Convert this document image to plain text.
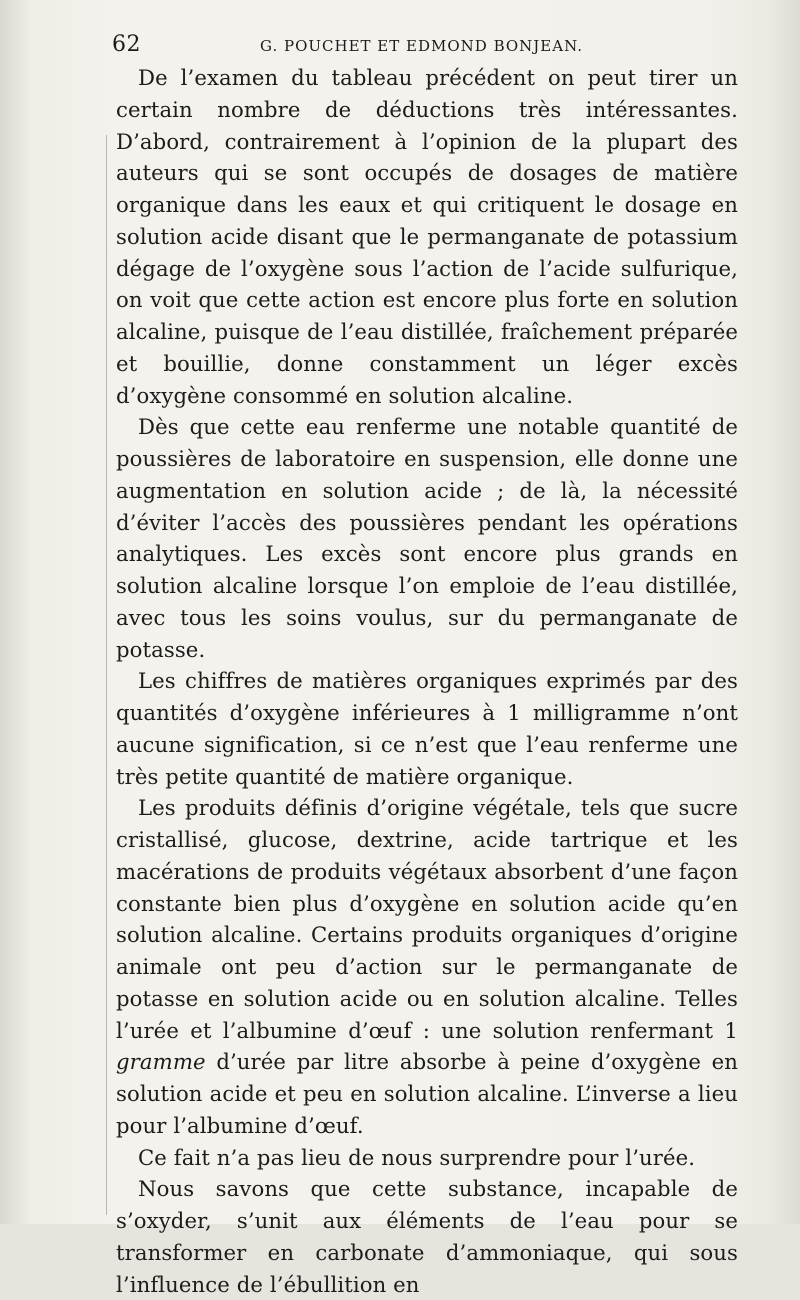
62	G. POUCHET ET EDMOND BONJEAN.

De l’examen du tableau précédent on peut tirer un certain nombre de déductions très intéressantes. D’abord, contrairement à l’opinion de la plupart des auteurs qui se sont occupés de dosages de matière organique dans les eaux et qui critiquent le dosage en solution acide disant que le permanganate de potassium dégage de l’oxygène sous l’action de l’acide sulfurique, on voit que cette action est encore plus forte en solution alcaline, puisque de l’eau distillée, fraîchement préparée et bouillie, donne constamment un léger excès d’oxygène consommé en solution alcaline.

Dès que cette eau renferme une notable quantité de poussières de laboratoire en suspension, elle donne une augmentation en solution acide ; de là, la nécessité d’éviter l’accès des poussières pendant les opérations analytiques. Les excès sont encore plus grands en solution alcaline lorsque l’on emploie de l’eau distillée, avec tous les soins voulus, sur du permanganate de potasse.

Les chiffres de matières organiques exprimés par des quantités d’oxygène inférieures à 1 milligramme n’ont aucune signification, si ce n’est que l’eau renferme une très petite quantité de matière organique.

Les produits définis d’origine végétale, tels que sucre cristallisé, glucose, dextrine, acide tartrique et les macérations de produits végétaux absorbent d’une façon constante bien plus d’oxygène en solution acide qu’en solution alcaline. Certains produits organiques d’origine animale ont peu d’action sur le permanganate de potasse en solution acide ou en solution alcaline. Telles l’urée et l’albumine d’œuf : une solution renfermant 1 gramme d’urée par litre absorbe à peine d’oxygène en solution acide et peu en solution alcaline. L’inverse a lieu pour l’albumine d’œuf.

Ce fait n’a pas lieu de nous surprendre pour l’urée.

Nous savons que cette substance, incapable de s’oxyder, s’unit aux éléments de l’eau pour se transformer en carbonate d’ammoniaque, qui sous l’influence de l’ébullition en
